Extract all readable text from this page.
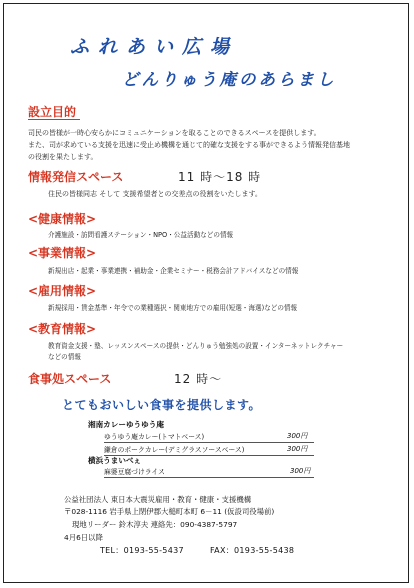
ふれあい広場
どんりゅう庵のあらまし
設立目的
司民の皆様が一時心安らかにコミュニケーションを取ることのできるスペースを提供します。
また、司が求めている支援を迅速に受止め機構を通じて的確な支援をする事ができるよう情報発信基地
の役割を果たします。
情報発信スペース	11 時～18 時
住民の皆様同志 そして 支援希望者との交差点の役割をいたします。
<健康情報>
介護施設・訪問看護ステーション・NPO・公益活動などの情報
<事業情報>
新規出店・起業・事業連携・補助金・企業セミナー・税務会計アドバイスなどの情報
<雇用情報>
新規採用・賃金基準・年令での業種選択・関東地方での雇用(短選・海選)などの情報
<教育情報>
教育資金支援・塾、レッスンスペースの提供・どんりゅう勉強処の設置・インターネットレクチャー
などの情報
食事処スペース	12 時～
とてもおいしい食事を提供します。
湘南カレーゆうゆう庵
ゆうゆう庵カレー(トマトベース)	300円
鎌倉のポークカレー(デミグラスソースベース)	300円
横浜うまいべぇ
麻婆豆腐づけライス	300円
公益社団法人 東日本大震災雇用・教育・健康・支援機構
〒028-1116 岩手県上閉伊郡大槌町本町 6－11 (仮設司役場前)
現地リーダー 鈴木淳夫 連絡先：090-4387-5797
4月6日以降
TEL：0193-55-5437	FAX：0193-55-5438
